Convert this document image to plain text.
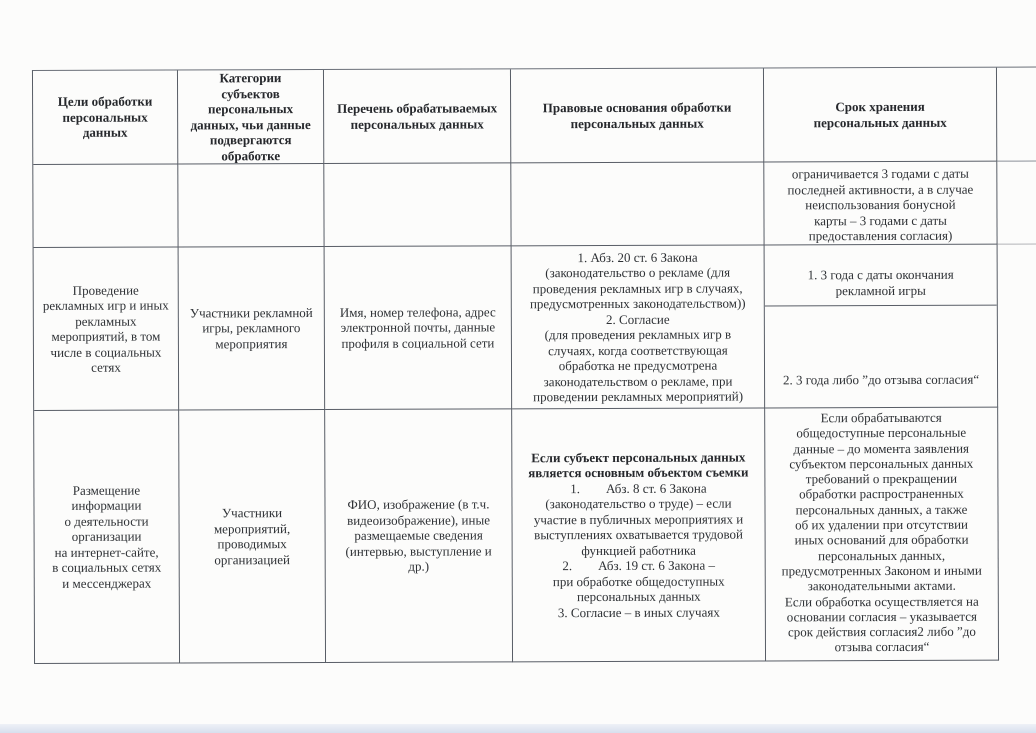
Цели обработки
персональных
данных
Категории
субъектов
персональных
данных, чьи данные
подвергаются
обработке
Перечень обрабатываемых
персональных данных
Правовые основания обработки
персональных данных
Срок хранения
персональных данных
ограничивается 3 годами с даты
последней активности, а в случае
неиспользования бонусной
карты – 3 годами с даты
предоставления согласия)
Проведение
рекламных игр и иных
рекламных
мероприятий, в том
числе в социальных
сетях
Участники рекламной
игры, рекламного
мероприятия
Имя, номер телефона, адрес
электронной почты, данные
профиля в социальной сети
1. Абз. 20 ст. 6 Закона
(законодательство о рекламе (для
проведения рекламных игр в случаях,
предусмотренных законодательством))
2. Согласие
(для проведения рекламных игр в
случаях, когда соответствующая
обработка не предусмотрена
законодательством о рекламе, при
проведении рекламных мероприятий)

1. 3 года с даты окончания
рекламной игры

2. 3 года либо ”до отзыва согласия“

Размещение
информации
о деятельности
организации
на интернет-сайте,
в социальных сетях
и мессенджерах
Участники
мероприятий,
проводимых
организацией
ФИО, изображение (в т.ч.
видеоизображение), иные
размещаемые сведения
(интервью, выступление и
др.)
Если субъект персональных данных
является основным объектом съемки
1.  Абз. 8 ст. 6 Закона
(законодательство о труде) – если
участие в публичных мероприятиях и
выступлениях охватывается трудовой
функцией работника
2.  Абз. 19 ст. 6 Закона –
при обработке общедоступных
персональных данных
3. Согласие – в иных случаях
Если обрабатываются
общедоступные персональные
данные – до момента заявления
субъектом персональных данных
требований о прекращении
обработки распространенных
персональных данных, а также
об их удалении при отсутствии
иных оснований для обработки
персональных данных,
предусмотренных Законом и иными
законодательными актами.
Если обработка осуществляется на
основании согласия – указывается
срок действия согласия2 либо ”до
отзыва согласия“
